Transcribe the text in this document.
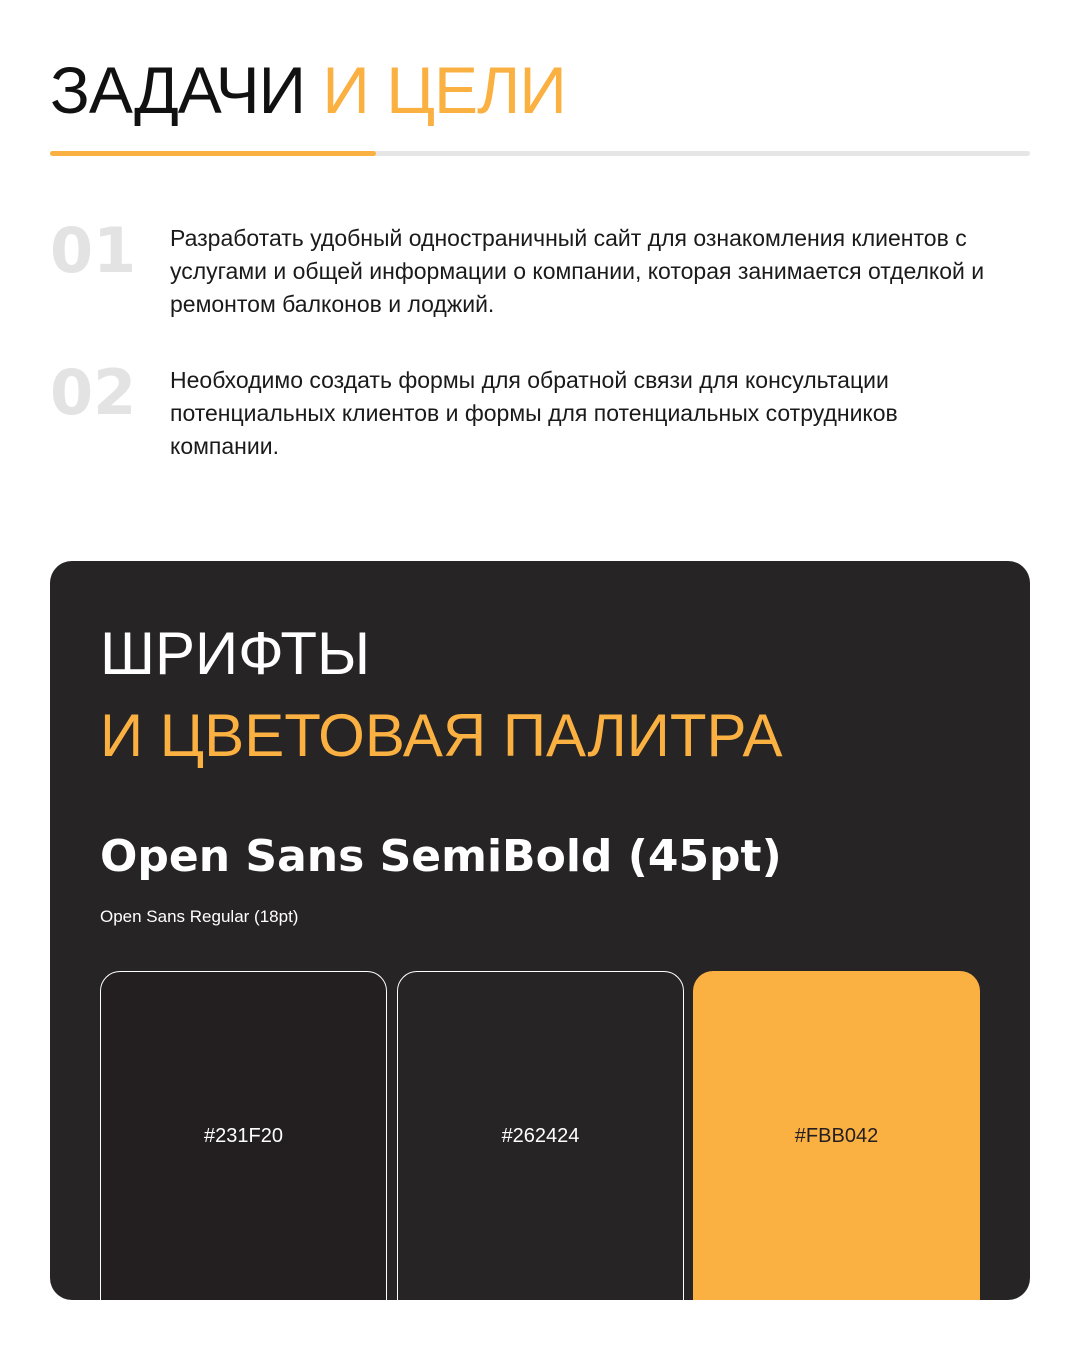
ЗАДАЧИ И ЦЕЛИ
01 Разработать удобный одностраничный сайт для ознакомления клиентов с услугами и общей информации о компании, которая занимается отделкой и ремонтом балконов и лоджий.

02 Необходимо создать формы для обратной связи для консультации потенциальных клиентов и формы для потенциальных сотрудников компании.

ШРИФТЫ
И ЦВЕТОВАЯ ПАЛИТРА
Open Sans SemiBold (45pt)
Open Sans Regular (18pt)
#231F20	#262424	#FBB042
